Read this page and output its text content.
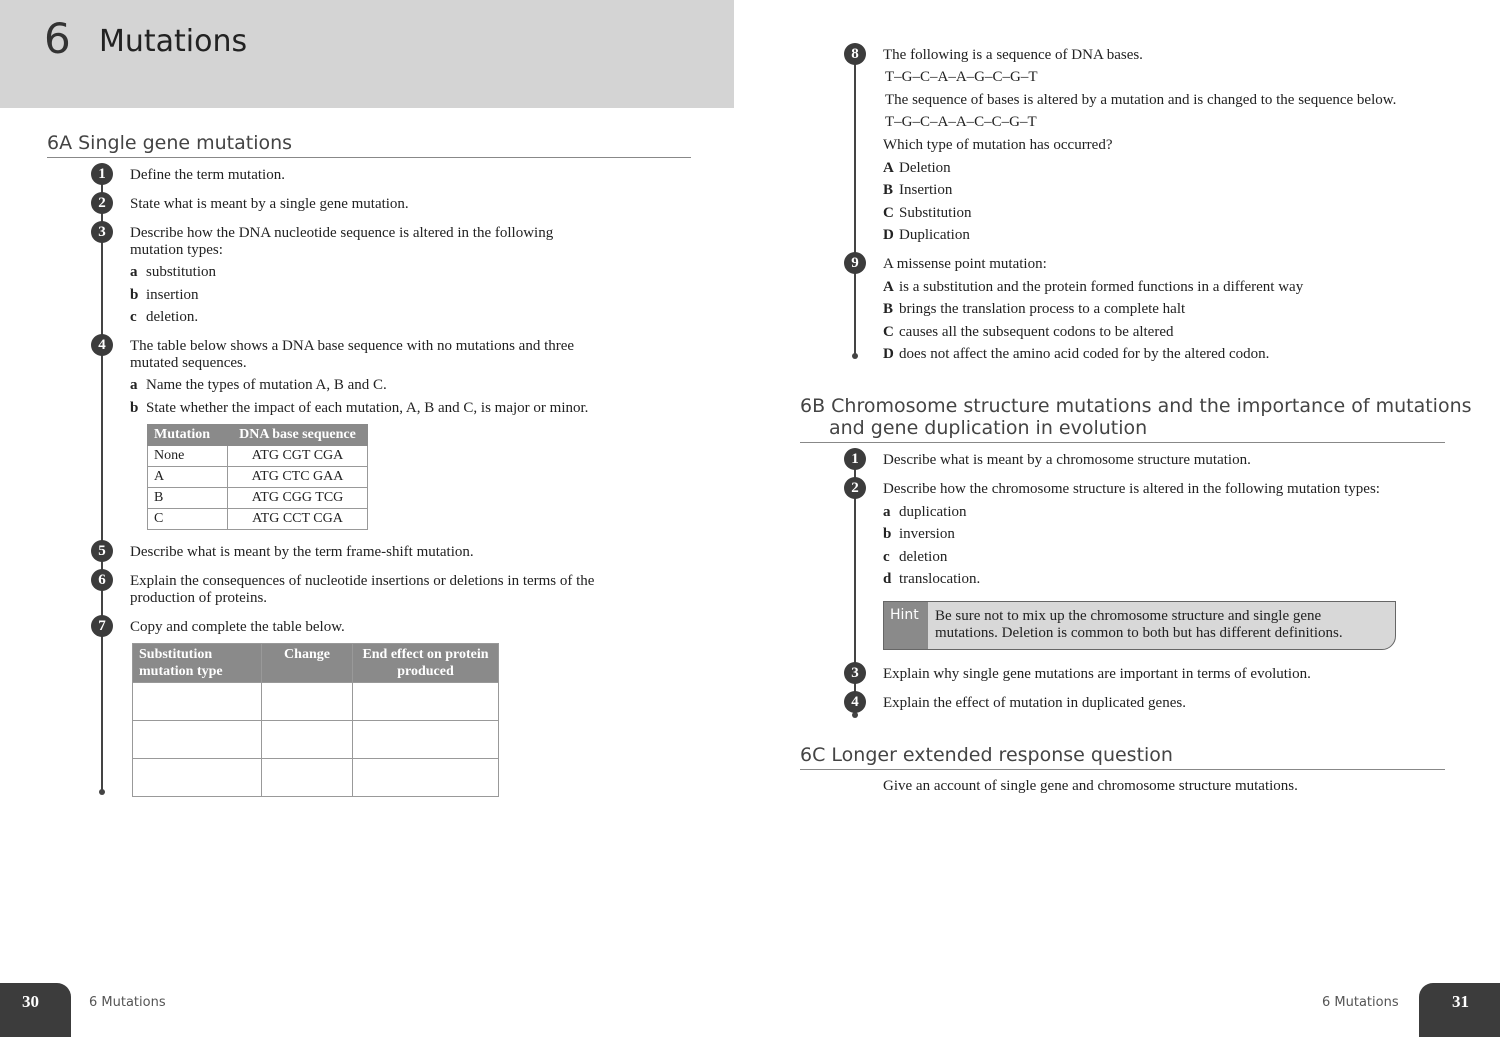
6 Mutations
6A Single gene mutations
1	Define the term mutation.
2	State what is meant by a single gene mutation.
3	Describe how the DNA nucleotide sequence is altered in the following
mutation types:
a substitution
b insertion
c deletion.
4	The table below shows a DNA base sequence with no mutations and three
mutated sequences.
a Name the types of mutation A, B and C.
b State whether the impact of each mutation, A, B and C, is major or minor.
Mutation	DNA base sequence
None	ATG CGT CGA
A	ATG CTC GAA
B	ATG CGG TCG
C	ATG CCT CGA
5	Describe what is meant by the term frame-shift mutation.
6	Explain the consequences of nucleotide insertions or deletions in terms of the
production of proteins.
7	Copy and complete the table below.
Substitution
mutation type	Change	End effect on protein
produced

8	The following is a sequence of DNA bases.
T–G–C–A–A–G–C–G–T
The sequence of bases is altered by a mutation and is changed to the sequence below.
T–G–C–A–A–C–C–G–T
Which type of mutation has occurred?
A Deletion
B Insertion
C Substitution
D Duplication
9	A missense point mutation:
A is a substitution and the protein formed functions in a different way
B brings the translation process to a complete halt
C causes all the subsequent codons to be altered
D does not affect the amino acid coded for by the altered codon.
6B Chromosome structure mutations and the importance of mutations
and gene duplication in evolution
1	Describe what is meant by a chromosome structure mutation.
2	Describe how the chromosome structure is altered in the following mutation types:
a duplication
b inversion
c deletion
d translocation.
Hint	Be sure not to mix up the chromosome structure and single gene
mutations. Deletion is common to both but has different definitions.
3	Explain why single gene mutations are important in terms of evolution.
4	Explain the effect of mutation in duplicated genes.
6C Longer extended response question
Give an account of single gene and chromosome structure mutations.
30	6 Mutations	6 Mutations	31
